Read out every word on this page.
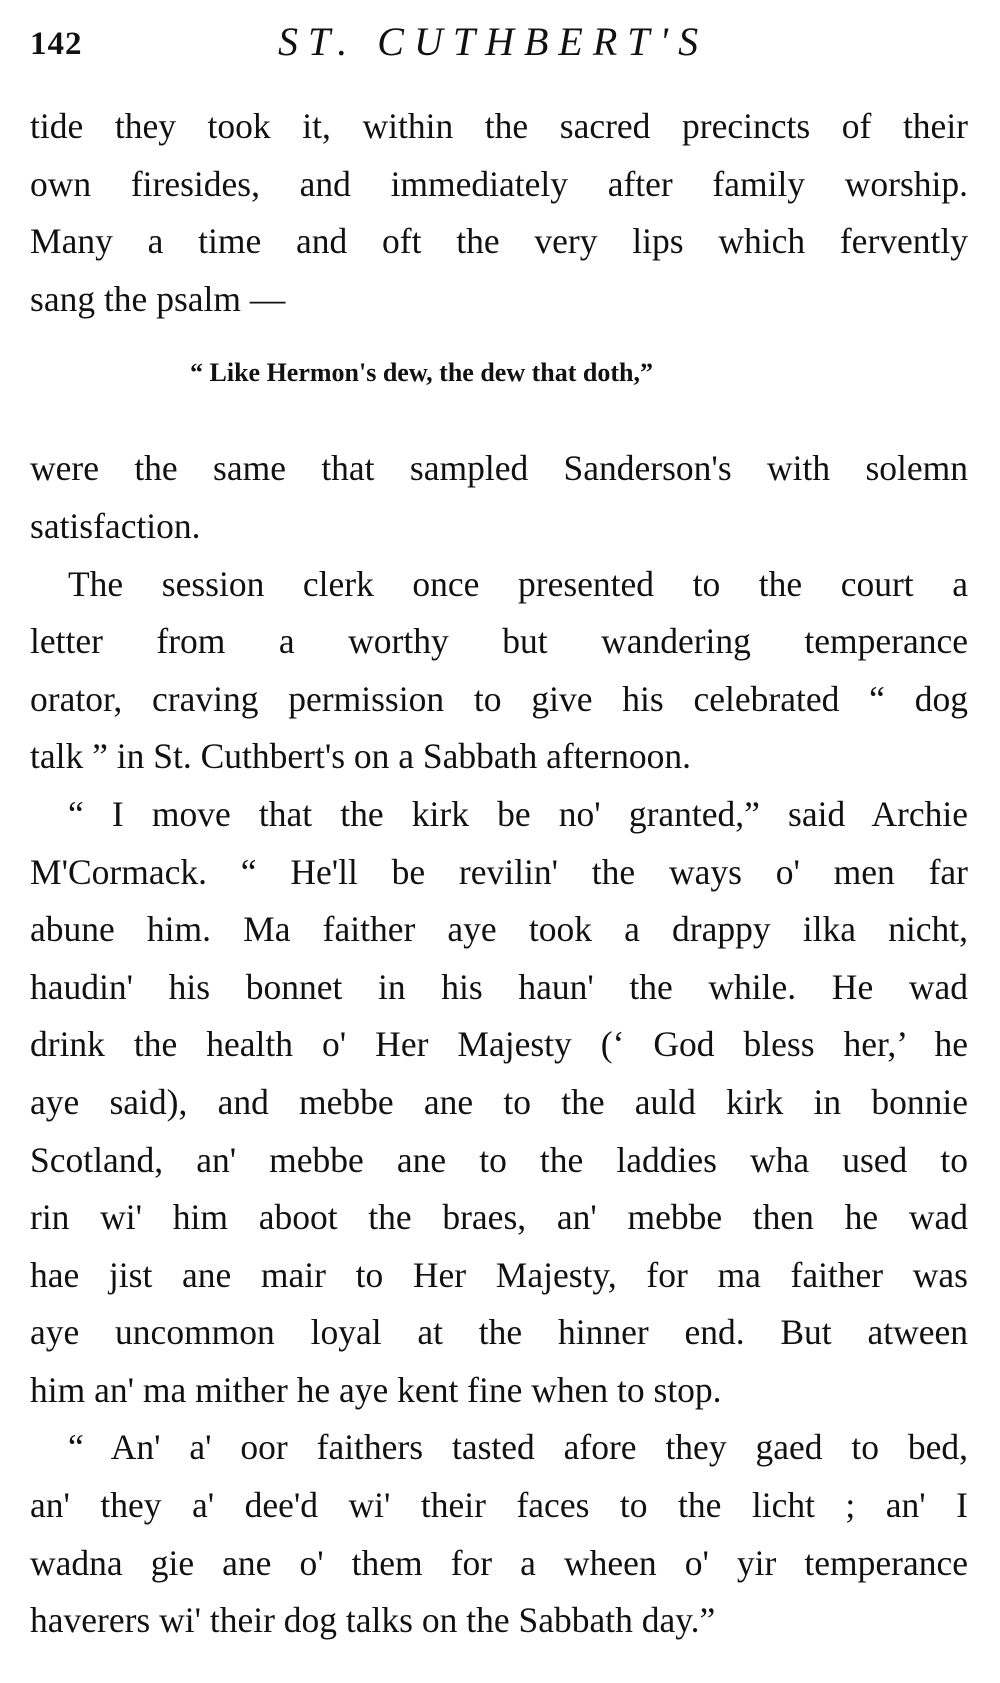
142	ST. CUTHBERT'S
tide they took it, within the sacred precincts of their
own firesides, and immediately after family worship.
Many a time and oft the very lips which fervently
sang the psalm —
“ Like Hermon's dew, the dew that doth,”
were the same that sampled Sanderson's with solemn
satisfaction.
The session clerk once presented to the court a
letter from a worthy but wandering temperance
orator, craving permission to give his celebrated “ dog
talk ” in St. Cuthbert's on a Sabbath afternoon.
“ I move that the kirk be no' granted,” said Archie
M'Cormack. “ He'll be revilin' the ways o' men far
abune him. Ma faither aye took a drappy ilka nicht,
haudin' his bonnet in his haun' the while. He wad
drink the health o' Her Majesty (‘ God bless her,’ he
aye said), and mebbe ane to the auld kirk in bonnie
Scotland, an' mebbe ane to the laddies wha used to
rin wi' him aboot the braes, an' mebbe then he wad
hae jist ane mair to Her Majesty, for ma faither was
aye uncommon loyal at the hinner end. But atween
him an' ma mither he aye kent fine when to stop.
“ An' a' oor faithers tasted afore they gaed to bed,
an' they a' dee'd wi' their faces to the licht ; an' I
wadna gie ane o' them for a wheen o' yir temperance
haverers wi' their dog talks on the Sabbath day.”
